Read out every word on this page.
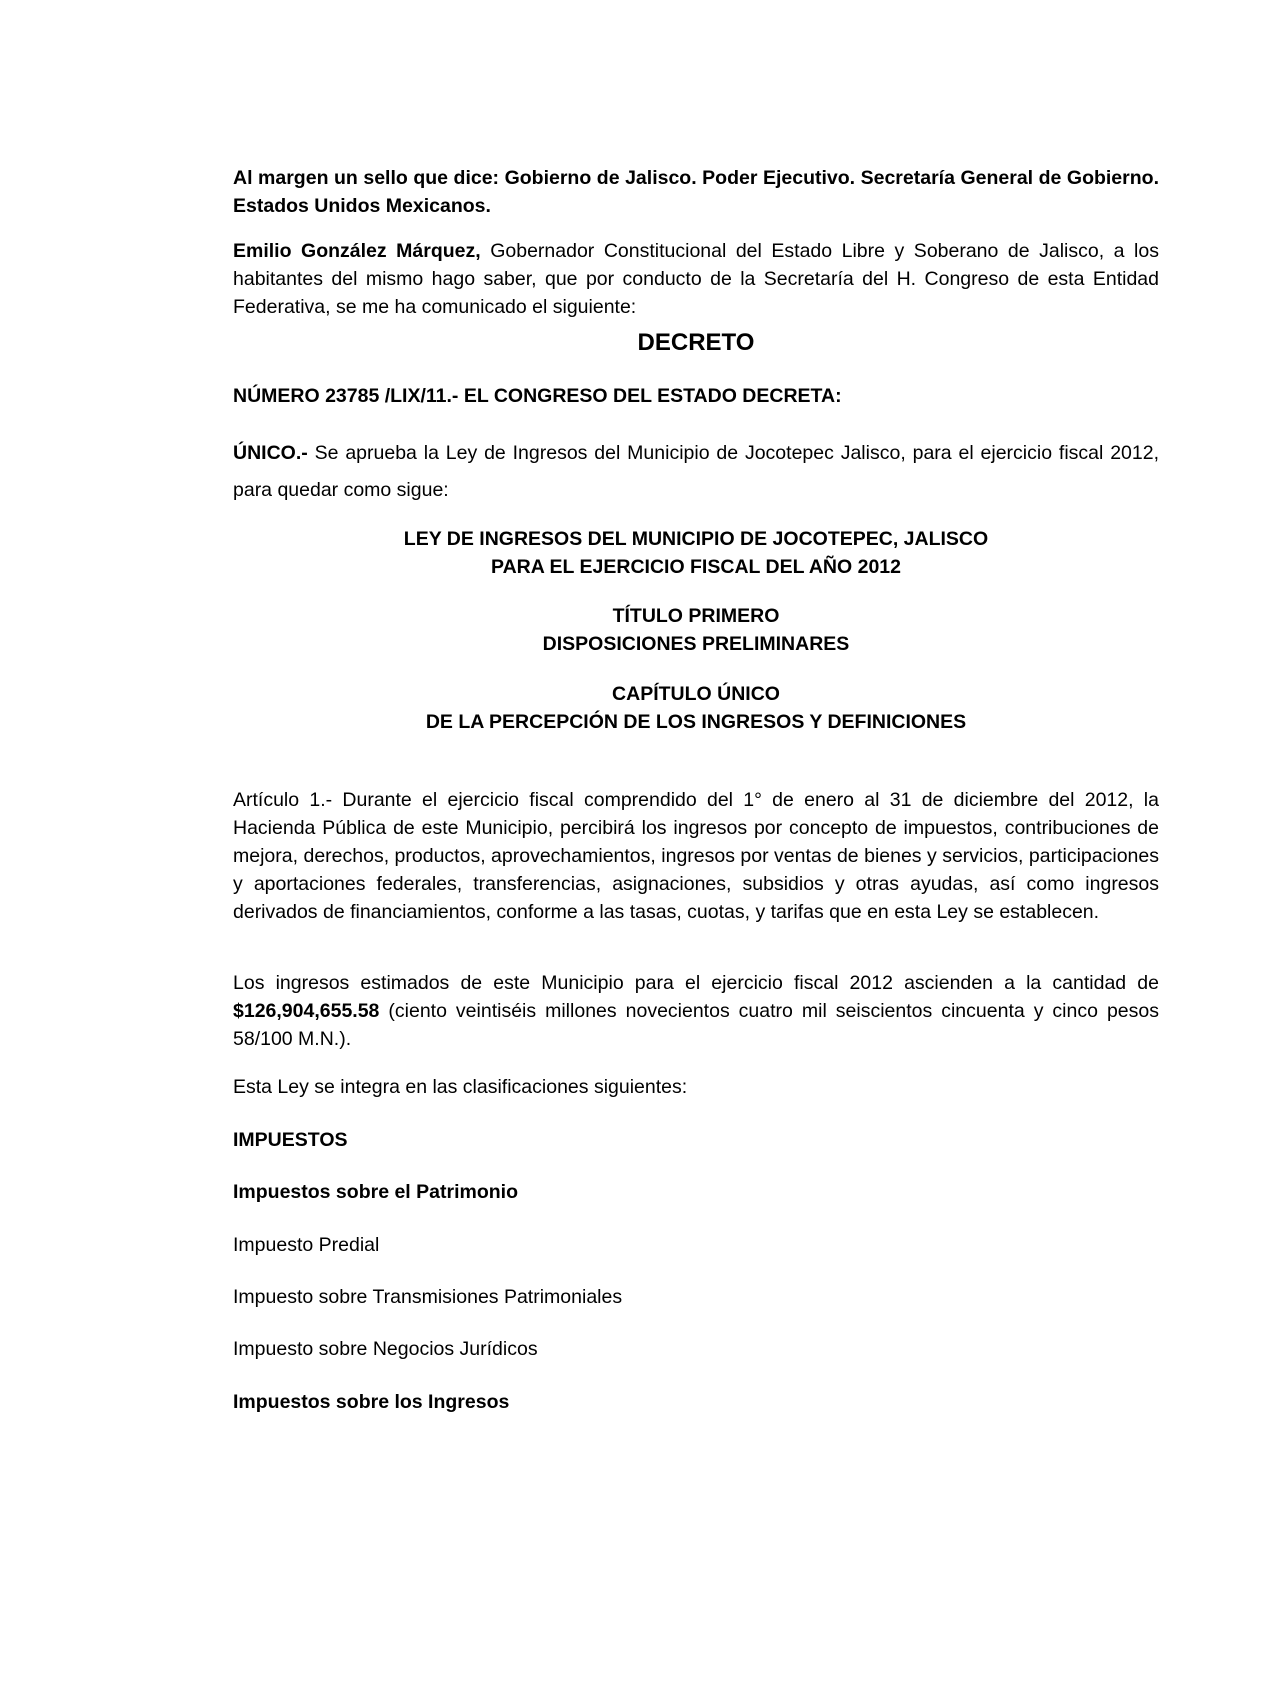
Al margen un sello que dice: Gobierno de Jalisco. Poder Ejecutivo. Secretaría General de Gobierno. Estados Unidos Mexicanos.

Emilio González Márquez, Gobernador Constitucional del Estado Libre y Soberano de Jalisco, a los habitantes del mismo hago saber, que por conducto de la Secretaría del H. Congreso de esta Entidad Federativa, se me ha comunicado el siguiente:

DECRETO

NÚMERO 23785 /LIX/11.- EL CONGRESO DEL ESTADO DECRETA:

ÚNICO.- Se aprueba la Ley de Ingresos del Municipio de Jocotepec Jalisco, para el ejercicio fiscal 2012, para quedar como sigue:

LEY DE INGRESOS DEL MUNICIPIO DE JOCOTEPEC, JALISCO
PARA EL EJERCICIO FISCAL DEL AÑO 2012
TÍTULO PRIMERO
DISPOSICIONES PRELIMINARES
CAPÍTULO ÚNICO
DE LA PERCEPCIÓN DE LOS INGRESOS Y DEFINICIONES

Artículo 1.- Durante el ejercicio fiscal comprendido del 1° de enero al 31 de diciembre del 2012, la Hacienda Pública de este Municipio, percibirá los ingresos por concepto de impuestos, contribuciones de mejora, derechos, productos, aprovechamientos, ingresos por ventas de bienes y servicios, participaciones y aportaciones federales, transferencias, asignaciones, subsidios y otras ayudas, así como ingresos derivados de financiamientos, conforme a las tasas, cuotas, y tarifas que en esta Ley se establecen.

Los ingresos estimados de este Municipio para el ejercicio fiscal 2012 ascienden a la cantidad de $126,904,655.58 (ciento veintiséis millones novecientos cuatro mil seiscientos cincuenta y cinco pesos 58/100 M.N.).

Esta Ley se integra en las clasificaciones siguientes:

IMPUESTOS

Impuestos sobre el Patrimonio

Impuesto Predial

Impuesto sobre Transmisiones Patrimoniales

Impuesto sobre Negocios Jurídicos

Impuestos sobre los Ingresos
